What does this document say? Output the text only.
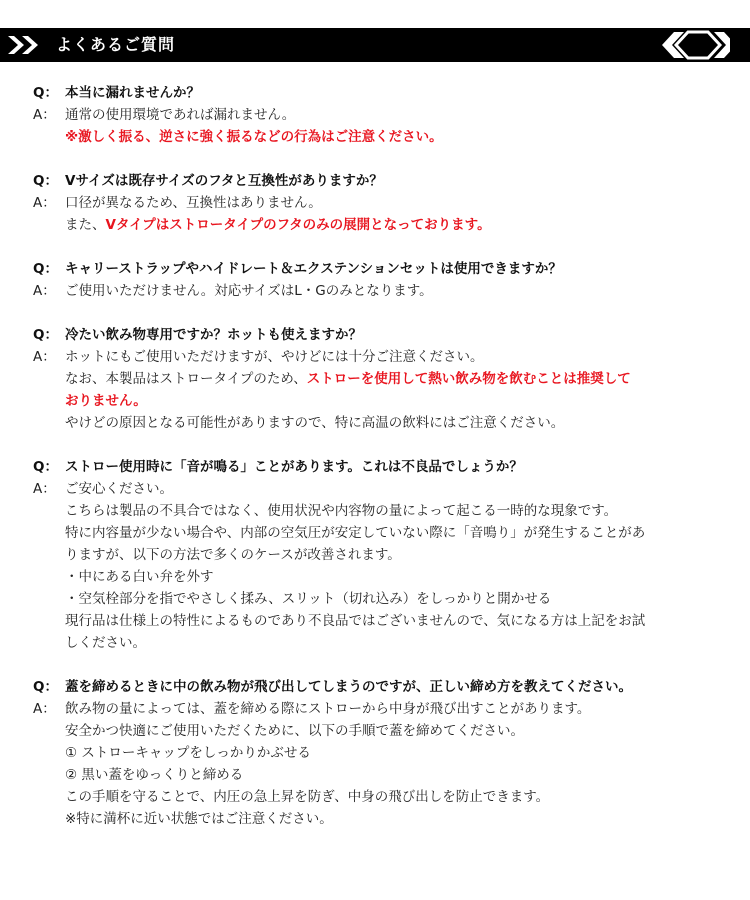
よくあるご質問
Q： 本当に漏れませんか？
A： 通常の使用環境であれば漏れません。
※激しく振る、逆さに強く振るなどの行為はご注意ください。
Q： Vサイズは既存サイズのフタと互換性がありますか？
A： 口径が異なるため、互換性はありません。
また、Vタイプはストロータイプのフタのみの展開となっております。
Q： キャリーストラップやハイドレート＆エクステンションセットは使用できますか？
A： ご使用いただけません。対応サイズはL・Gのみとなります。
Q： 冷たい飲み物専用ですか？ホットも使えますか？
A： ホットにもご使用いただけますが、やけどには十分ご注意ください。
なお、本製品はストロータイプのため、ストローを使用して熱い飲み物を飲むことは推奨して
おりません。
やけどの原因となる可能性がありますので、特に高温の飲料にはご注意ください。
Q： ストロー使用時に「音が鳴る」ことがあります。これは不良品でしょうか？
A： ご安心ください。
こちらは製品の不具合ではなく、使用状況や内容物の量によって起こる一時的な現象です。
特に内容量が少ない場合や、内部の空気圧が安定していない際に「音鳴り」が発生することがあ
りますが、以下の方法で多くのケースが改善されます。
・中にある白い弁を外す
・空気栓部分を指でやさしく揉み、スリット（切れ込み）をしっかりと開かせる
現行品は仕様上の特性によるものであり不良品ではございませんので、気になる方は上記をお試
しください。
Q： 蓋を締めるときに中の飲み物が飛び出してしまうのですが、正しい締め方を教えてください。
A： 飲み物の量によっては、蓋を締める際にストローから中身が飛び出すことがあります。
安全かつ快適にご使用いただくために、以下の手順で蓋を締めてください。
① ストローキャップをしっかりかぶせる
② 黒い蓋をゆっくりと締める
この手順を守ることで、内圧の急上昇を防ぎ、中身の飛び出しを防止できます。
※特に満杯に近い状態ではご注意ください。
